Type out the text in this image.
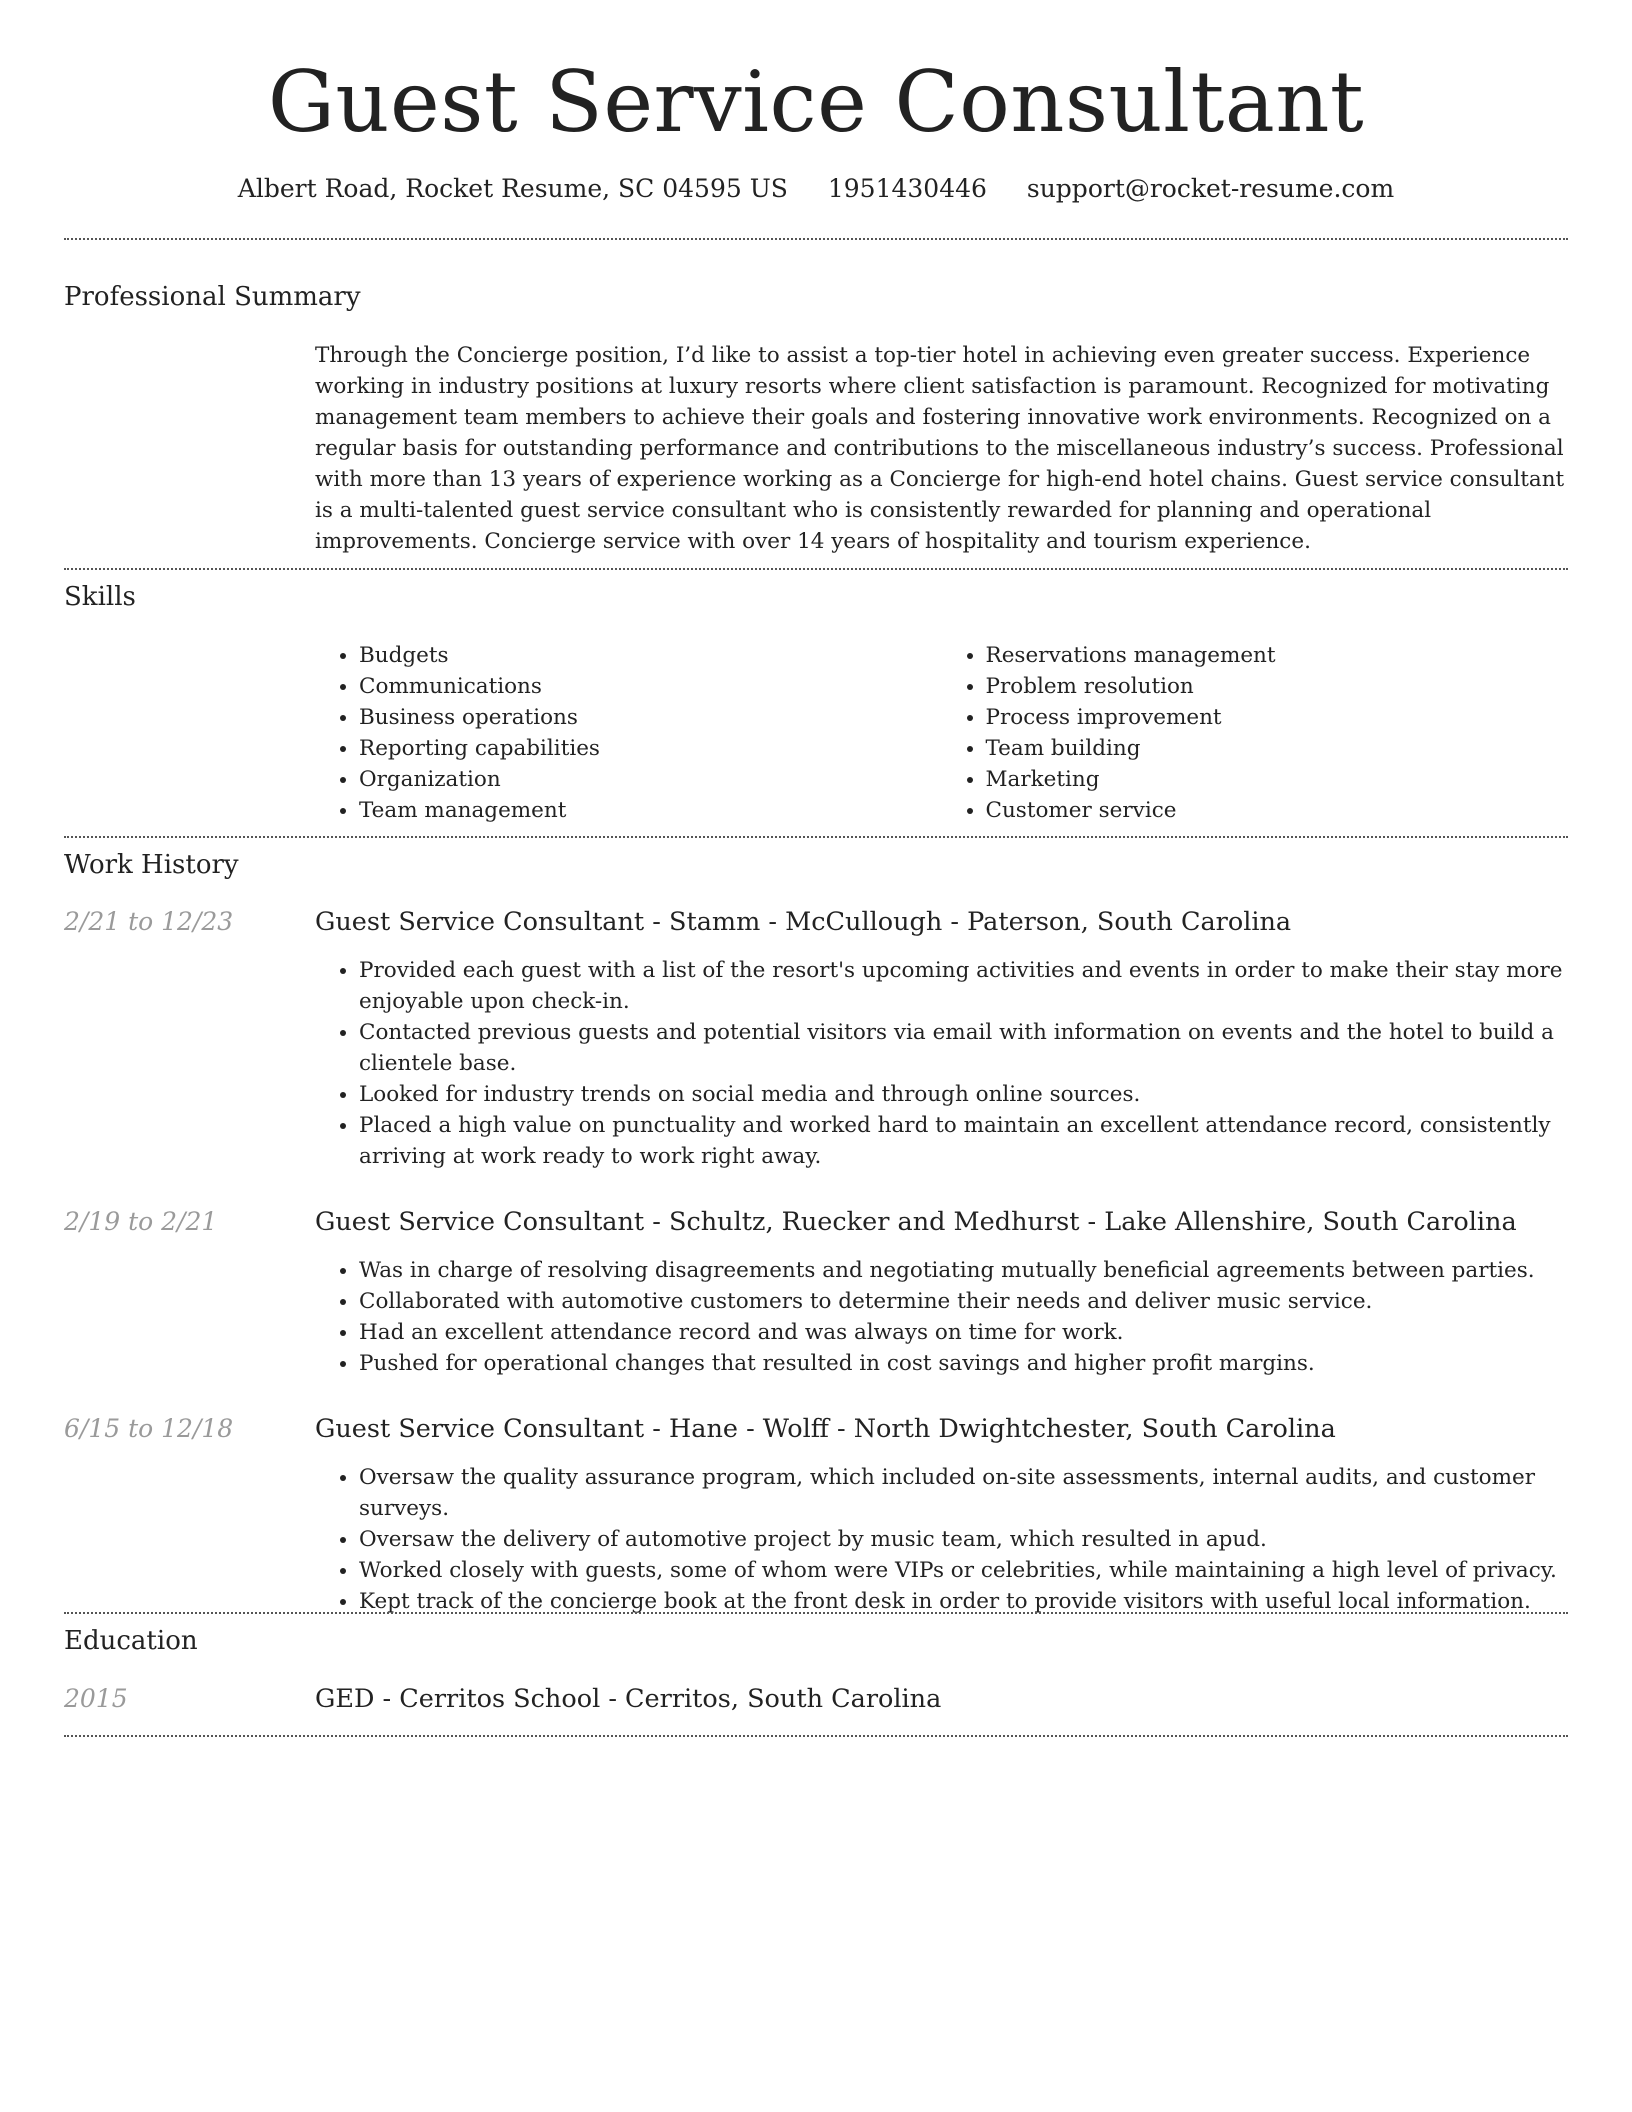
Guest Service Consultant
Albert Road, Rocket Resume, SC 04595 US 1951430446 support@rocket-resume.com
Professional Summary
Through the Concierge position, I’d like to assist a top-tier hotel in achieving even greater success. Experience working in industry positions at luxury resorts where client satisfaction is paramount. Recognized for motivating management team members to achieve their goals and fostering innovative work environments. Recognized on a regular basis for outstanding performance and contributions to the miscellaneous industry’s success. Professional with more than 13 years of experience working as a Concierge for high-end hotel chains. Guest service consultant is a multi-talented guest service consultant who is consistently rewarded for planning and operational improvements. Concierge service with over 14 years of hospitality and tourism experience.
Skills
• Budgets
• Communications
• Business operations
• Reporting capabilities
• Organization
• Team management
• Reservations management
• Problem resolution
• Process improvement
• Team building
• Marketing
• Customer service
Work History
2/21 to 12/23	Guest Service Consultant - Stamm - McCullough - Paterson, South Carolina
• Provided each guest with a list of the resort's upcoming activities and events in order to make their stay more enjoyable upon check-in.
• Contacted previous guests and potential visitors via email with information on events and the hotel to build a clientele base.
• Looked for industry trends on social media and through online sources.
• Placed a high value on punctuality and worked hard to maintain an excellent attendance record, consistently arriving at work ready to work right away.
2/19 to 2/21	Guest Service Consultant - Schultz, Ruecker and Medhurst - Lake Allenshire, South Carolina
• Was in charge of resolving disagreements and negotiating mutually beneficial agreements between parties.
• Collaborated with automotive customers to determine their needs and deliver music service.
• Had an excellent attendance record and was always on time for work.
• Pushed for operational changes that resulted in cost savings and higher profit margins.
6/15 to 12/18	Guest Service Consultant - Hane - Wolff - North Dwightchester, South Carolina
• Oversaw the quality assurance program, which included on-site assessments, internal audits, and customer surveys.
• Oversaw the delivery of automotive project by music team, which resulted in apud.
• Worked closely with guests, some of whom were VIPs or celebrities, while maintaining a high level of privacy.
• Kept track of the concierge book at the front desk in order to provide visitors with useful local information.
Education
2015	GED - Cerritos School - Cerritos, South Carolina
